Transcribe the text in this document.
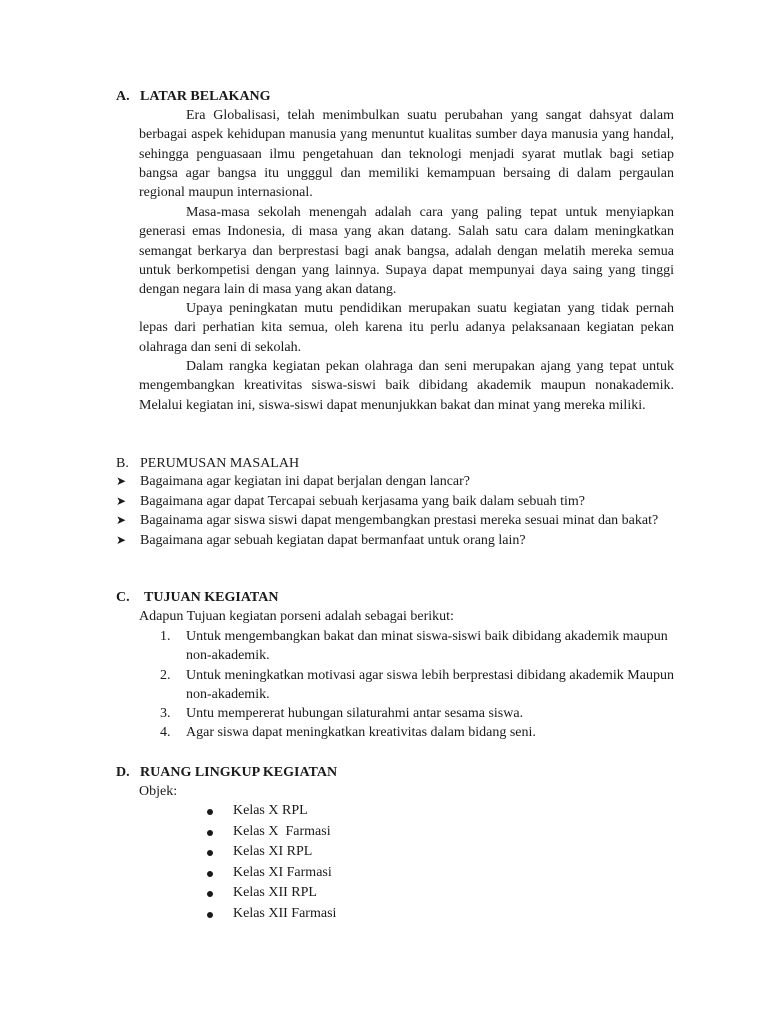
A. LATAR BELAKANG

Era Globalisasi, telah menimbulkan suatu perubahan yang sangat dahsyat dalam berbagai aspek kehidupan manusia yang menuntut kualitas sumber daya manusia yang handal, sehingga penguasaan ilmu pengetahuan dan teknologi menjadi syarat mutlak bagi setiap bangsa agar bangsa itu ungggul dan memiliki kemampuan bersaing di dalam pergaulan regional maupun internasional.

Masa-masa sekolah menengah adalah cara yang paling tepat untuk menyiapkan generasi emas Indonesia, di masa yang akan datang. Salah satu cara dalam meningkatkan semangat berkarya dan berprestasi bagi anak bangsa, adalah dengan melatih mereka semua untuk berkompetisi dengan yang lainnya. Supaya dapat mempunyai daya saing yang tinggi dengan negara lain di masa yang akan datang.

Upaya peningkatan mutu pendidikan merupakan suatu kegiatan yang tidak pernah lepas dari perhatian kita semua, oleh karena itu perlu adanya pelaksanaan kegiatan pekan olahraga dan seni di sekolah.

Dalam rangka kegiatan pekan olahraga dan seni merupakan ajang yang tepat untuk mengembangkan kreativitas siswa-siswi baik dibidang akademik maupun nonakademik. Melalui kegiatan ini, siswa-siswi dapat menunjukkan bakat dan minat yang mereka miliki.

B. PERUMUSAN MASALAH
➤ Bagaimana agar kegiatan ini dapat berjalan dengan lancar?
➤ Bagaimana agar dapat Tercapai sebuah kerjasama yang baik dalam sebuah tim?
➤ Bagainama agar siswa siswi dapat mengembangkan prestasi mereka sesuai minat dan bakat?
➤ Bagaimana agar sebuah kegiatan dapat bermanfaat untuk orang lain?
C. TUJUAN KEGIATAN

Adapun Tujuan kegiatan porseni adalah sebagai berikut:

1. Untuk mengembangkan bakat dan minat siswa-siswi baik dibidang akademik maupun non-akademik.
2. Untuk meningkatkan motivasi agar siswa lebih berprestasi dibidang akademik Maupun non-akademik.
3. Untu mempererat hubungan silaturahmi antar sesama siswa.
4. Agar siswa dapat meningkatkan kreativitas dalam bidang seni.
D. RUANG LINGKUP KEGIATAN

Objek:

Kelas X RPL
Kelas X  Farmasi
Kelas XI RPL
Kelas XI Farmasi
Kelas XII RPL
Kelas XII Farmasi
